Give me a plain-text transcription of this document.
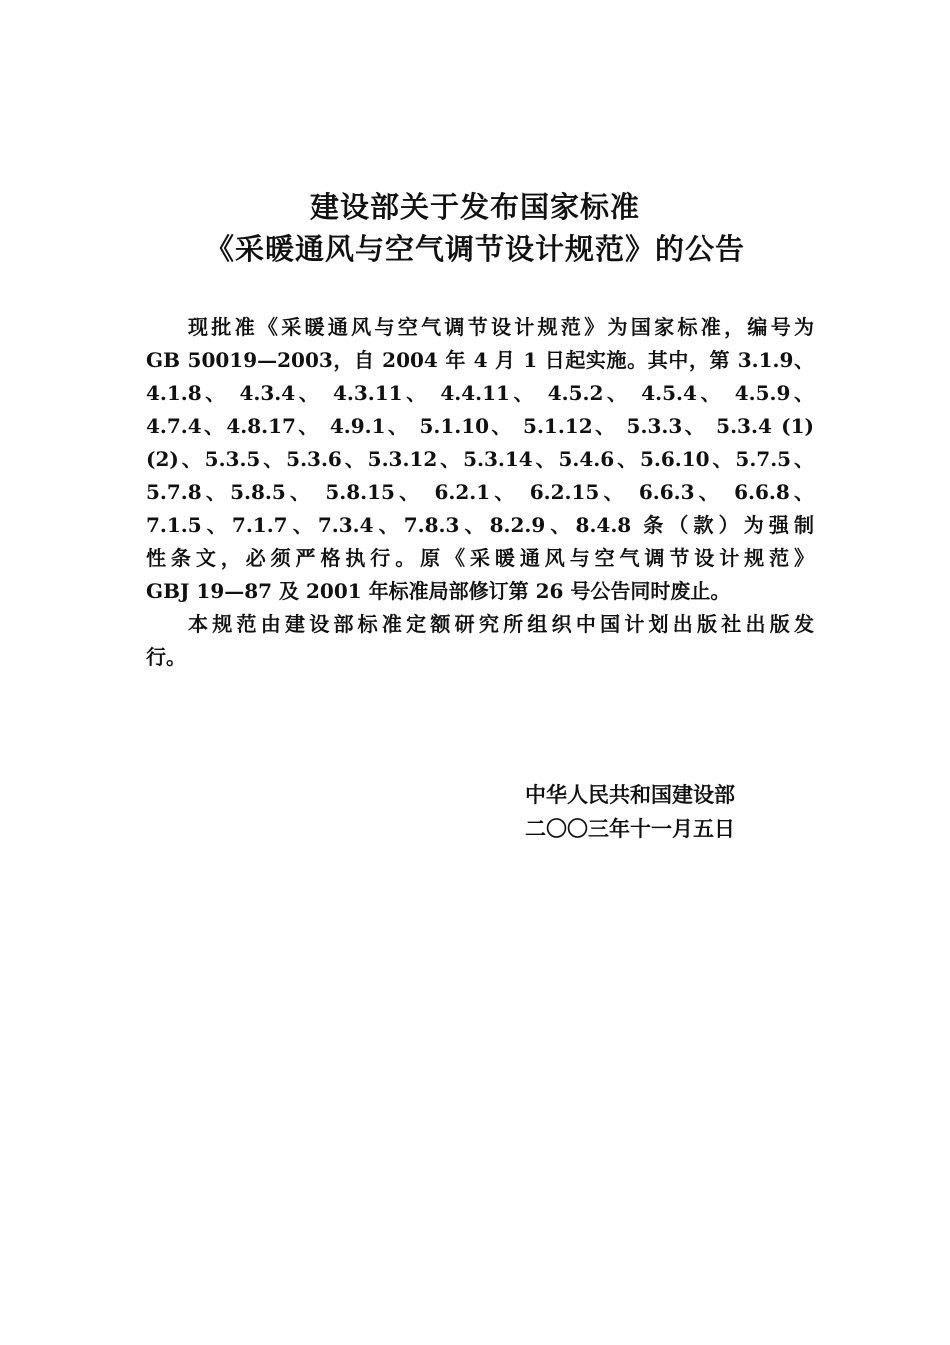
建设部关于发布国家标准
《采暖通风与空气调节设计规范》的公告
现批准《采暖通风与空气调节设计规范》为国家标准，编号为
GB 50019—2003，自 2004 年 4 月 1 日起实施。其中，第 3.1.9、
4.1.8、 4.3.4、 4.3.11、 4.4.11、 4.5.2、 4.5.4、 4.5.9、
4.7.4、4.8.17、 4.9.1、 5.1.10、 5.1.12、 5.3.3、 5.3.4 (1)
(2)、5.3.5、5.3.6、5.3.12、5.3.14、5.4.6、5.6.10、5.7.5、
5.7.8、5.8.5、 5.8.15、 6.2.1、 6.2.15、 6.6.3、 6.6.8、
7.1.5、7.1.7、7.3.4、7.8.3、8.2.9、8.4.8 条（款）为强制
性条文，必须严格执行。原《采暖通风与空气调节设计规范》
GBJ 19—87 及 2001 年标准局部修订第 26 号公告同时废止。
本规范由建设部标准定额研究所组织中国计划出版社出版发
行。
中华人民共和国建设部
二〇〇三年十一月五日
